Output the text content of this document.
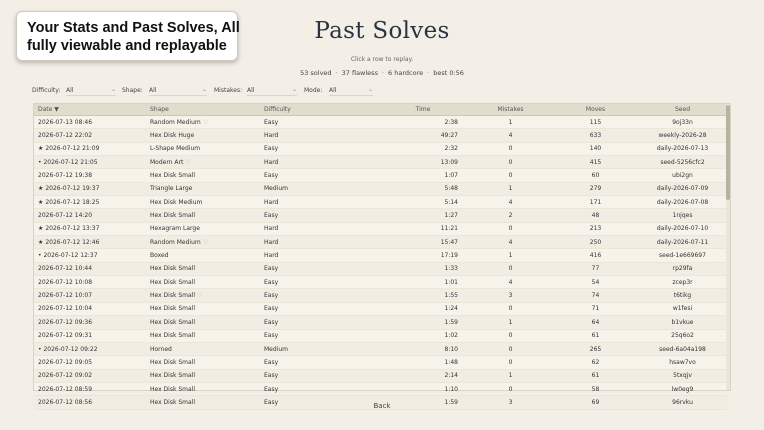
Your Stats and Past Solves, All
fully viewable and replayable
Past Solves
Click a row to replay.
53 solved · 37 flawless · 6 hardcore · best 0:56
Difficulty: All	⌄ Shape: All	⌄ Mistakes: All	⌄ Mode: All	⌄
Date ▼	Shape	Difficulty	Time	Mistakes	Moves	Seed
2026-07-13 08:46	Random Medium ♡	Easy	2:38	1	115	9oj33n
2026-07-12 22:02	Hex Disk Huge	Hard	49:27	4	633	weekly-2026-28
★ 2026-07-12 21:09	L-Shape Medium	Easy	2:32	0	140	daily-2026-07-13
• 2026-07-12 21:05	Modern Art ♡	Hard	13:09	0	415	seed-5256cfc2
2026-07-12 19:38	Hex Disk Small	Easy	1:07	0	60	ubi2gn
★ 2026-07-12 19:37	Triangle Large	Medium	5:48	1	279	daily-2026-07-09
★ 2026-07-12 18:25	Hex Disk Medium	Hard	5:14	4	171	daily-2026-07-08
2026-07-12 14:20	Hex Disk Small	Easy	1:27	2	48	1njqes
★ 2026-07-12 13:37	Hexagram Large	Hard	11:21	0	213	daily-2026-07-10
★ 2026-07-12 12:46	Random Medium ♡	Hard	15:47	4	250	daily-2026-07-11
• 2026-07-12 12:37	Boxed	Hard	17:19	1	416	seed-1e669697
2026-07-12 10:44	Hex Disk Small	Easy	1:33	0	77	rp29fa
2026-07-12 10:08	Hex Disk Small	Easy	1:01	4	54	zcep3r
2026-07-12 10:07	Hex Disk Small ♡	Easy	1:55	3	74	t6tikg
2026-07-12 10:04	Hex Disk Small	Easy	1:24	0	71	w1fesi
2026-07-12 09:36	Hex Disk Small	Easy	1:59	1	64	b1vkue
2026-07-12 09:31	Hex Disk Small	Easy	1:02	0	61	25q6o2
• 2026-07-12 09:22	Horned	Medium	8:10	0	265	seed-6a04a198
2026-07-12 09:05	Hex Disk Small	Easy	1:48	0	62	hsaw7vo
2026-07-12 09:02	Hex Disk Small	Easy	2:14	1	61	5txqjv
2026-07-12 08:59	Hex Disk Small	Easy	1:10	0	58	lw0eg9
2026-07-12 08:56	Hex Disk Small	Easy	1:59	3	69	96rvku
Back
